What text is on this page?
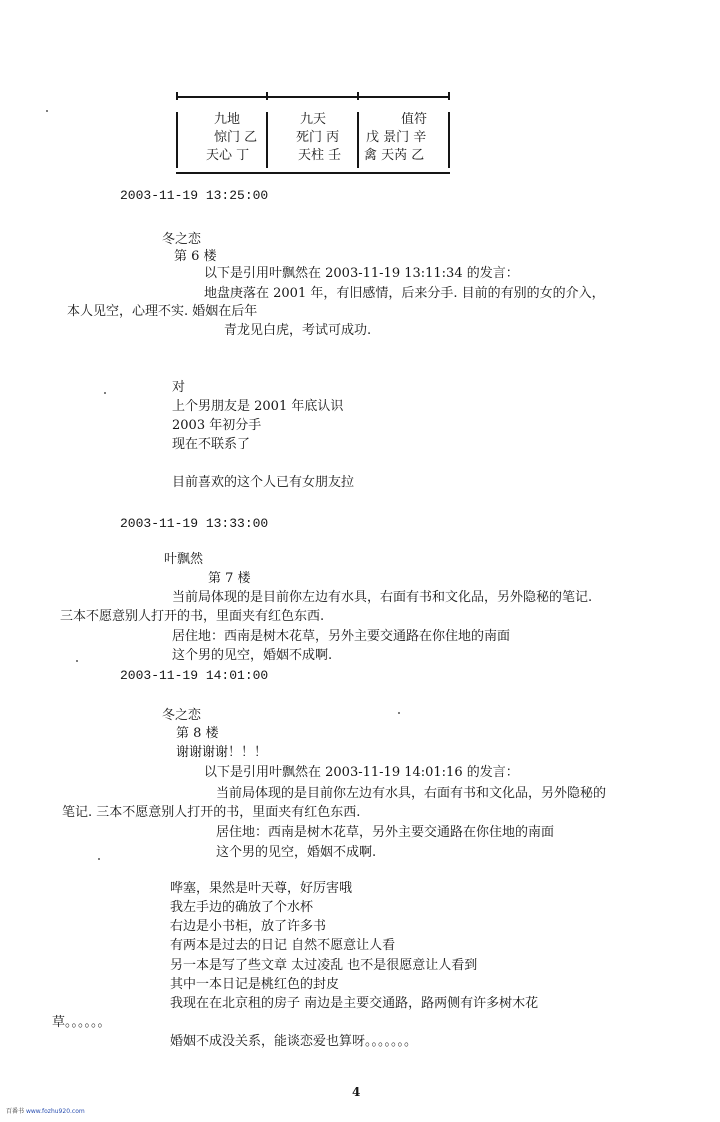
九地
惊门 乙
天心 丁
九天
死门 丙
天柱 壬
值符
戊 景门 辛
禽 天芮 乙
2003-11-19 13:25:00
冬之恋
第 6 楼
以下是引用叶飘然在 2003-11-19 13:11:34 的发言：
地盘庚落在 2001 年，有旧感情，后来分手. 目前的有别的女的介入，
本人见空，心理不实. 婚姻在后年
青龙见白虎，考试可成功.
对
上个男朋友是 2001 年底认识
2003 年初分手
现在不联系了
目前喜欢的这个人已有女朋友拉
2003-11-19 13:33:00
叶飘然
第 7 楼
当前局体现的是目前你左边有水具，右面有书和文化品，另外隐秘的笔记.
三本不愿意别人打开的书，里面夹有红色东西.
居住地：西南是树木花草，另外主要交通路在你住地的南面
这个男的见空，婚姻不成啊.
2003-11-19 14:01:00
冬之恋
第 8 楼
谢谢谢谢！！！
以下是引用叶飘然在 2003-11-19 14:01:16 的发言：
当前局体现的是目前你左边有水具，右面有书和文化品，另外隐秘的
笔记. 三本不愿意别人打开的书，里面夹有红色东西.
居住地：西南是树木花草，另外主要交通路在你住地的南面
这个男的见空，婚姻不成啊.
哗塞，果然是叶天尊，好厉害哦
我左手边的确放了个水杯
右边是小书柜，放了许多书
有两本是过去的日记 自然不愿意让人看
另一本是写了些文章 太过凌乱 也不是很愿意让人看到
其中一本日记是桃红色的封皮
我现在在北京租的房子 南边是主要交通路，路两侧有许多树木花
草。。。。。。
婚姻不成没关系，能谈恋爱也算呀。。。。。。。
4
百番书 www.fozhu920.com
